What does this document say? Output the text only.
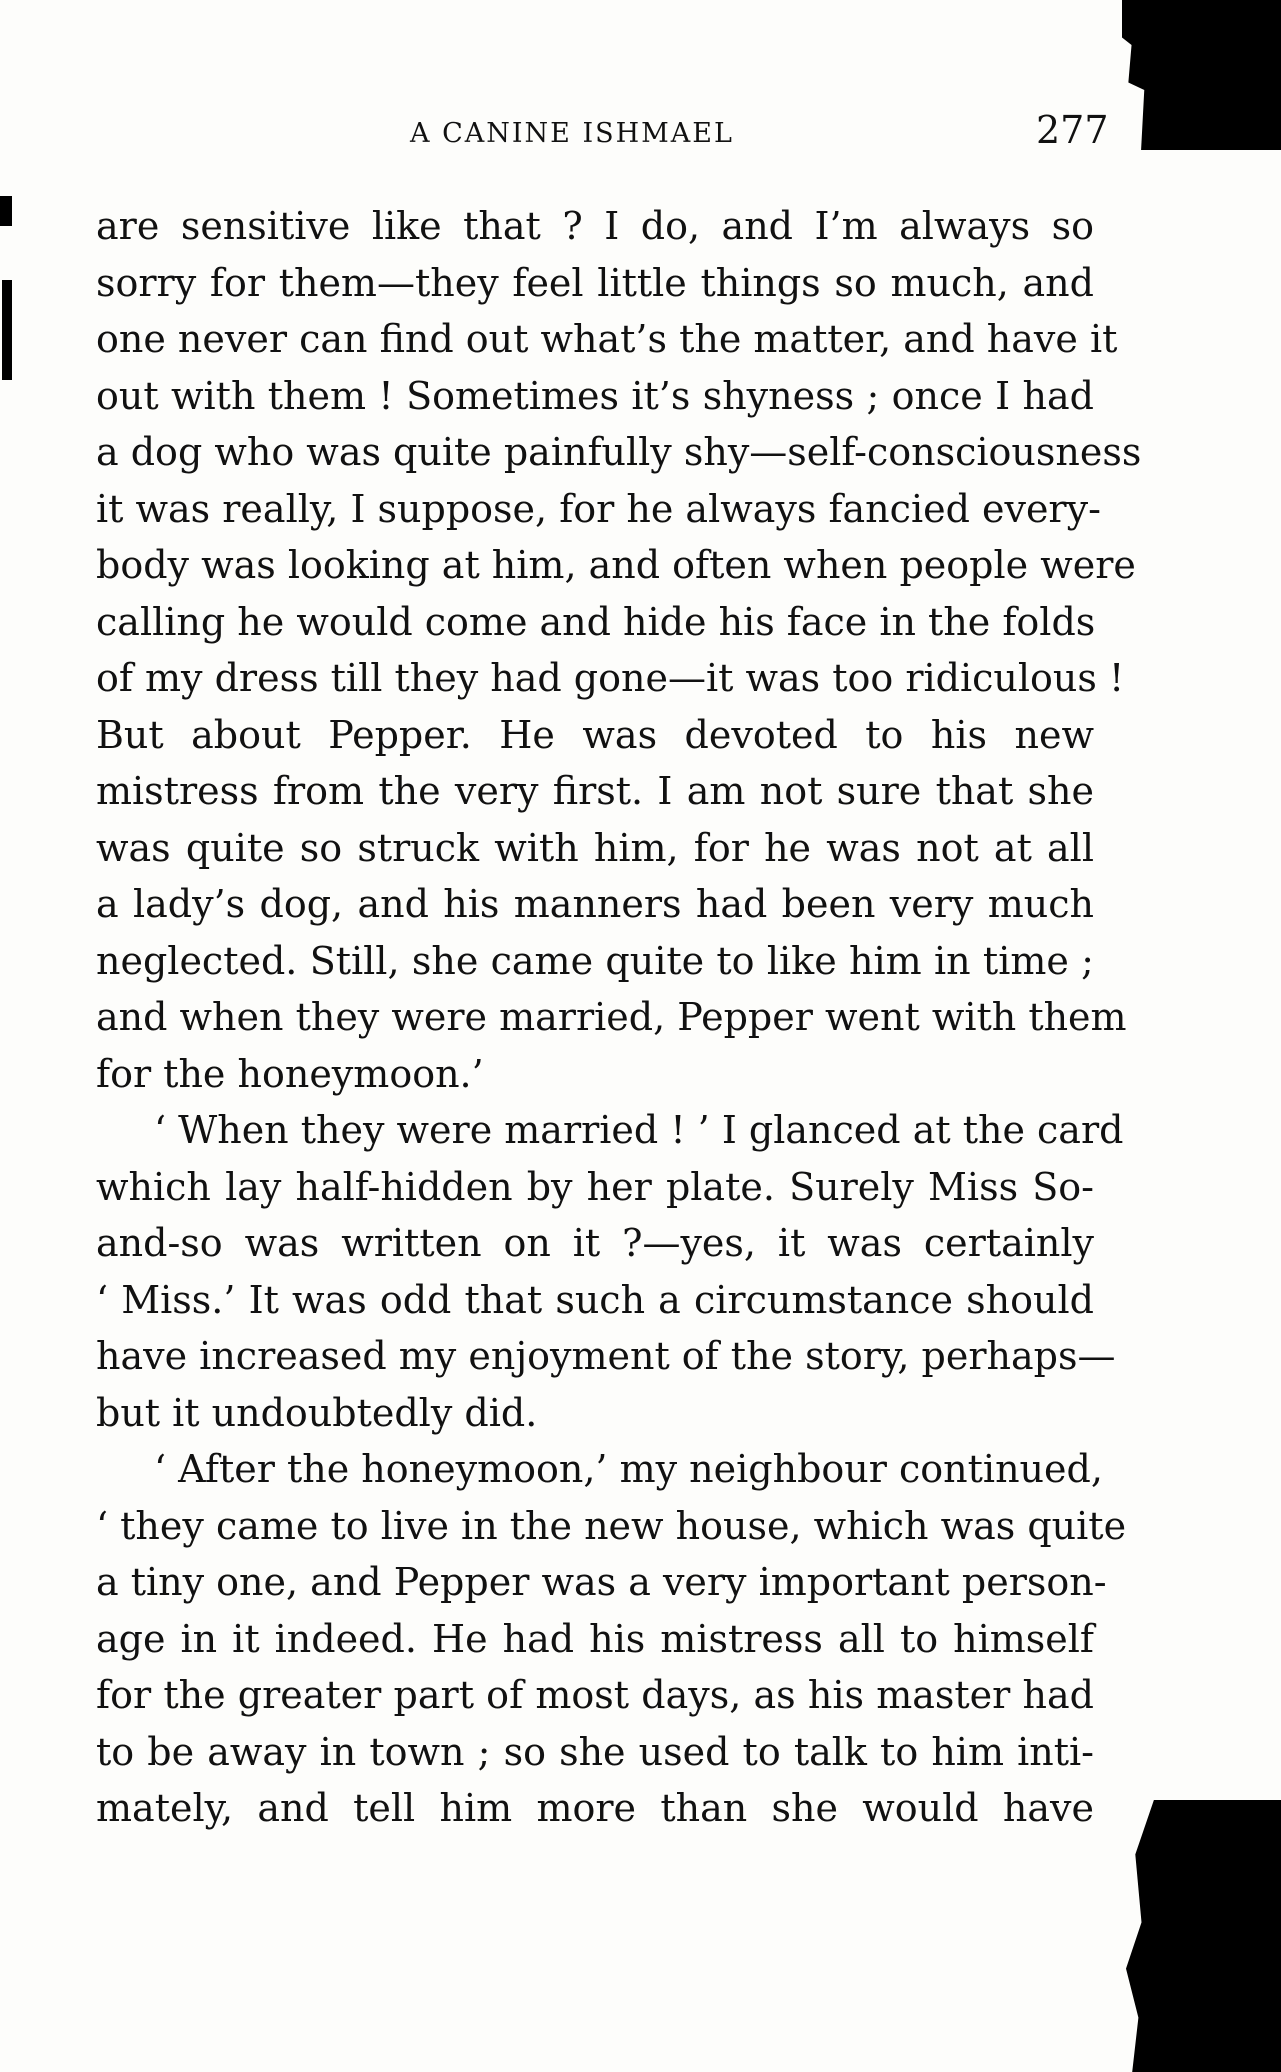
A CANINE ISHMAEL	277
are sensitive like that ? I do, and I’m always so
sorry for them—they feel little things so much, and
one never can find out what’s the matter, and have it
out with them ! Sometimes it’s shyness ; once I had
a dog who was quite painfully shy—self-consciousness
it was really, I suppose, for he always fancied every-
body was looking at him, and often when people were
calling he would come and hide his face in the folds
of my dress till they had gone—it was too ridiculous !
But about Pepper. He was devoted to his new
mistress from the very first. I am not sure that she
was quite so struck with him, for he was not at all
a lady’s dog, and his manners had been very much
neglected. Still, she came quite to like him in time ;
and when they were married, Pepper went with them
for the honeymoon.’
‘ When they were married ! ’ I glanced at the card
which lay half-hidden by her plate. Surely Miss So-
and-so was written on it ?—yes, it was certainly
‘ Miss.’ It was odd that such a circumstance should
have increased my enjoyment of the story, perhaps—
but it undoubtedly did.
‘ After the honeymoon,’ my neighbour continued,
‘ they came to live in the new house, which was quite
a tiny one, and Pepper was a very important person-
age in it indeed. He had his mistress all to himself
for the greater part of most days, as his master had
to be away in town ; so she used to talk to him inti-
mately, and tell him more than she would have
